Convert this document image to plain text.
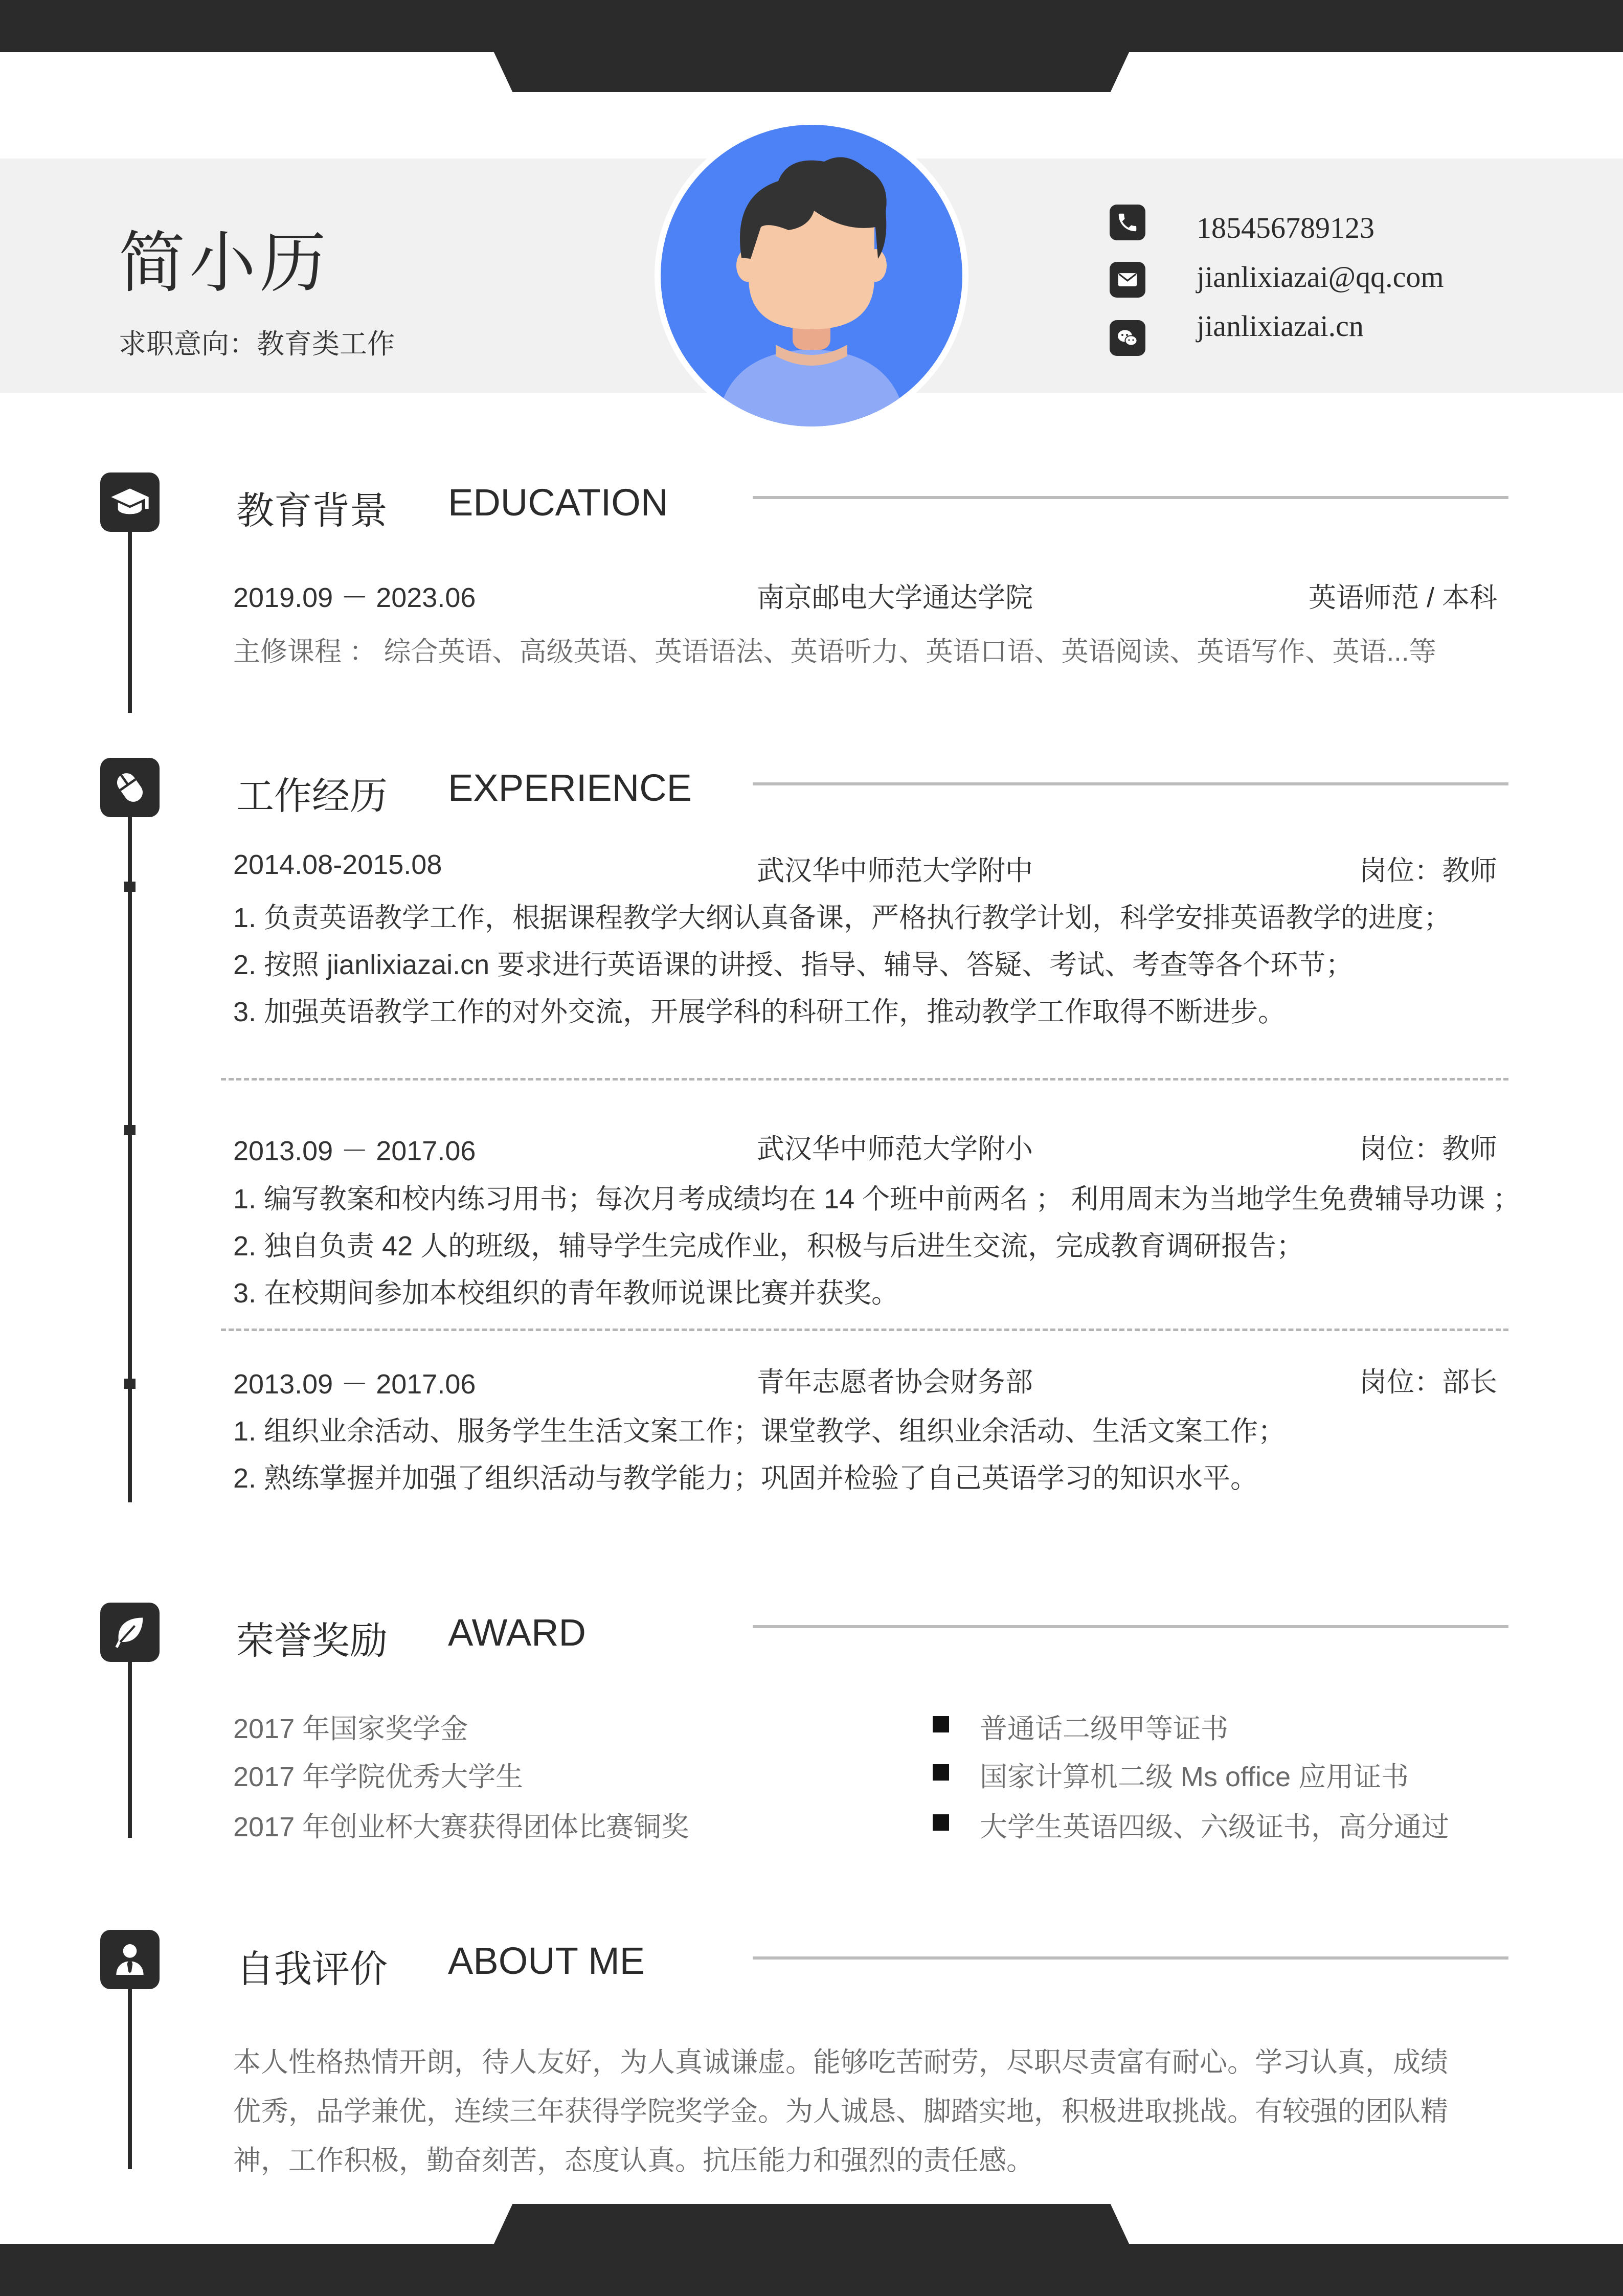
简小历
求职意向：教育类工作
185456789123
jianlixiazai@qq.com
jianlixiazai.cn
教育背景 EDUCATION
2019.09 － 2023.06	南京邮电大学通达学院	英语师范 / 本科
主修课程 ： 综合英语、高级英语、英语语法、英语听力、英语口语、英语阅读、英语写作、英语...等
工作经历 EXPERIENCE
2014.08-2015.08	武汉华中师范大学附中	岗位：教师
1. 负责英语教学工作，根据课程教学大纲认真备课，严格执行教学计划，科学安排英语教学的进度；
2. 按照 jianlixiazai.cn 要求进行英语课的讲授、指导、辅导、答疑、考试、考查等各个环节；
3. 加强英语教学工作的对外交流，开展学科的科研工作，推动教学工作取得不断进步。
2013.09 － 2017.06	武汉华中师范大学附小	岗位：教师
1. 编写教案和校内练习用书；每次月考成绩均在 14 个班中前两名 ； 利用周末为当地学生免费辅导功课 ；
2. 独自负责 42 人的班级，辅导学生完成作业，积极与后进生交流，完成教育调研报告；
3. 在校期间参加本校组织的青年教师说课比赛并获奖。
2013.09 － 2017.06	青年志愿者协会财务部	岗位：部长
1. 组织业余活动、服务学生生活文案工作；课堂教学、组织业余活动、生活文案工作；
2. 熟练掌握并加强了组织活动与教学能力；巩固并检验了自己英语学习的知识水平。
荣誉奖励 AWARD
2017 年国家奖学金
2017 年学院优秀大学生
2017 年创业杯大赛获得团体比赛铜奖
普通话二级甲等证书
国家计算机二级 Ms office 应用证书
大学生英语四级、六级证书，高分通过
自我评价 ABOUT ME
本人性格热情开朗，待人友好，为人真诚谦虚。能够吃苦耐劳，尽职尽责富有耐心。学习认真，成绩
优秀，品学兼优，连续三年获得学院奖学金。为人诚恳、脚踏实地，积极进取挑战。有较强的团队精
神，工作积极，勤奋刻苦，态度认真。抗压能力和强烈的责任感。
